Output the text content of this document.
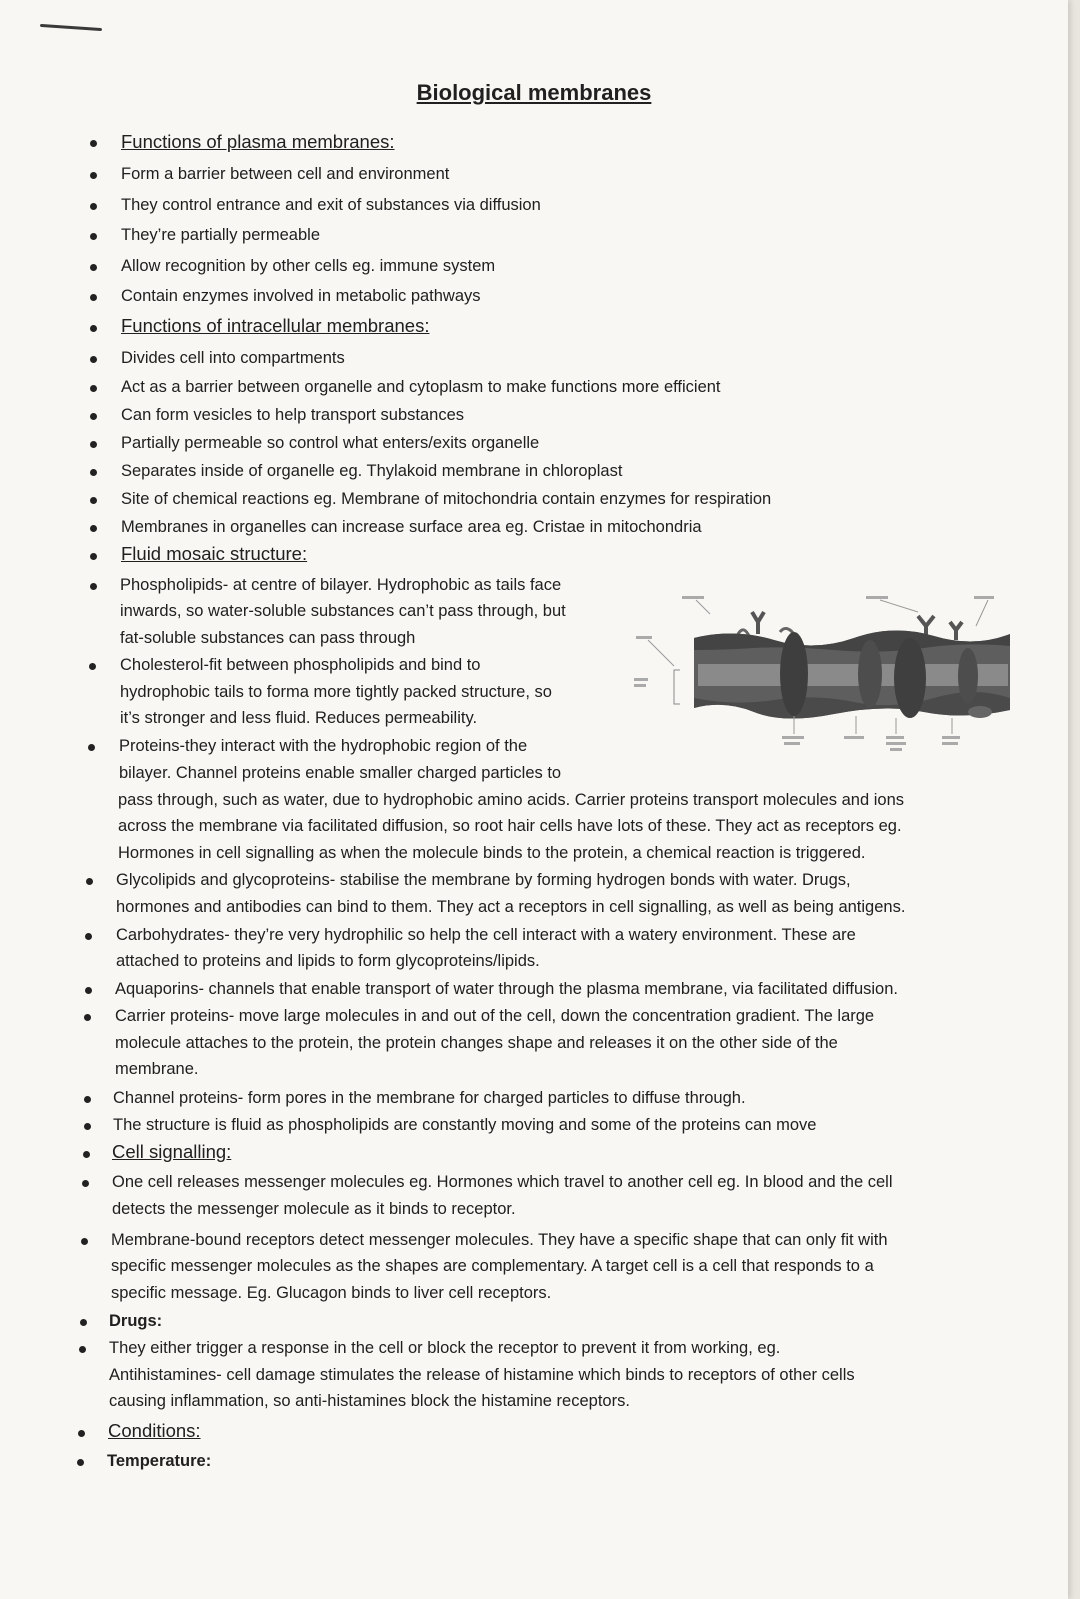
Biological membranes
Functions of plasma membranes:
Form a barrier between cell and environment
They control entrance and exit of substances via diffusion
They’re partially permeable
Allow recognition by other cells eg. immune system
Contain enzymes involved in metabolic pathways
Functions of intracellular membranes:
Divides cell into compartments
Act as a barrier between organelle and cytoplasm to make functions more efficient
Can form vesicles to help transport substances
Partially permeable so control what enters/exits organelle
Separates inside of organelle eg. Thylakoid membrane in chloroplast
Site of chemical reactions eg. Membrane of mitochondria contain enzymes for respiration
Membranes in organelles can increase surface area eg. Cristae in mitochondria
Fluid mosaic structure:
Phospholipids- at centre of bilayer. Hydrophobic as tails face
inwards, so water-soluble substances can’t pass through, but
fat-soluble substances can pass through
Cholesterol-fit between phospholipids and bind to
hydrophobic tails to forma more tightly packed structure, so
it’s stronger and less fluid. Reduces permeability.
Proteins-they interact with the hydrophobic region of the
bilayer. Channel proteins enable smaller charged particles to
pass through, such as water, due to hydrophobic amino acids. Carrier proteins transport molecules and ions
across the membrane via facilitated diffusion, so root hair cells have lots of these. They act as receptors eg.
Hormones in cell signalling as when the molecule binds to the protein, a chemical reaction is triggered.
Glycolipids and glycoproteins- stabilise the membrane by forming hydrogen bonds with water. Drugs,
hormones and antibodies can bind to them. They act a receptors in cell signalling, as well as being antigens.
Carbohydrates- they’re very hydrophilic so help the cell interact with a watery environment. These are
attached to proteins and lipids to form glycoproteins/lipids.
Aquaporins- channels that enable transport of water through the plasma membrane, via facilitated diffusion.
Carrier proteins- move large molecules in and out of the cell, down the concentration gradient. The large
molecule attaches to the protein, the protein changes shape and releases it on the other side of the
membrane.
Channel proteins- form pores in the membrane for charged particles to diffuse through.
The structure is fluid as phospholipids are constantly moving and some of the proteins can move
Cell signalling:
One cell releases messenger molecules eg. Hormones which travel to another cell eg. In blood and the cell
detects the messenger molecule as it binds to receptor.
Membrane-bound receptors detect messenger molecules. They have a specific shape that can only fit with
specific messenger molecules as the shapes are complementary. A target cell is a cell that responds to a
specific message. Eg. Glucagon binds to liver cell receptors.
Drugs:
They either trigger a response in the cell or block the receptor to prevent it from working, eg.
Antihistamines- cell damage stimulates the release of histamine which binds to receptors of other cells
causing inflammation, so anti-histamines block the histamine receptors.
Conditions:
Temperature:
